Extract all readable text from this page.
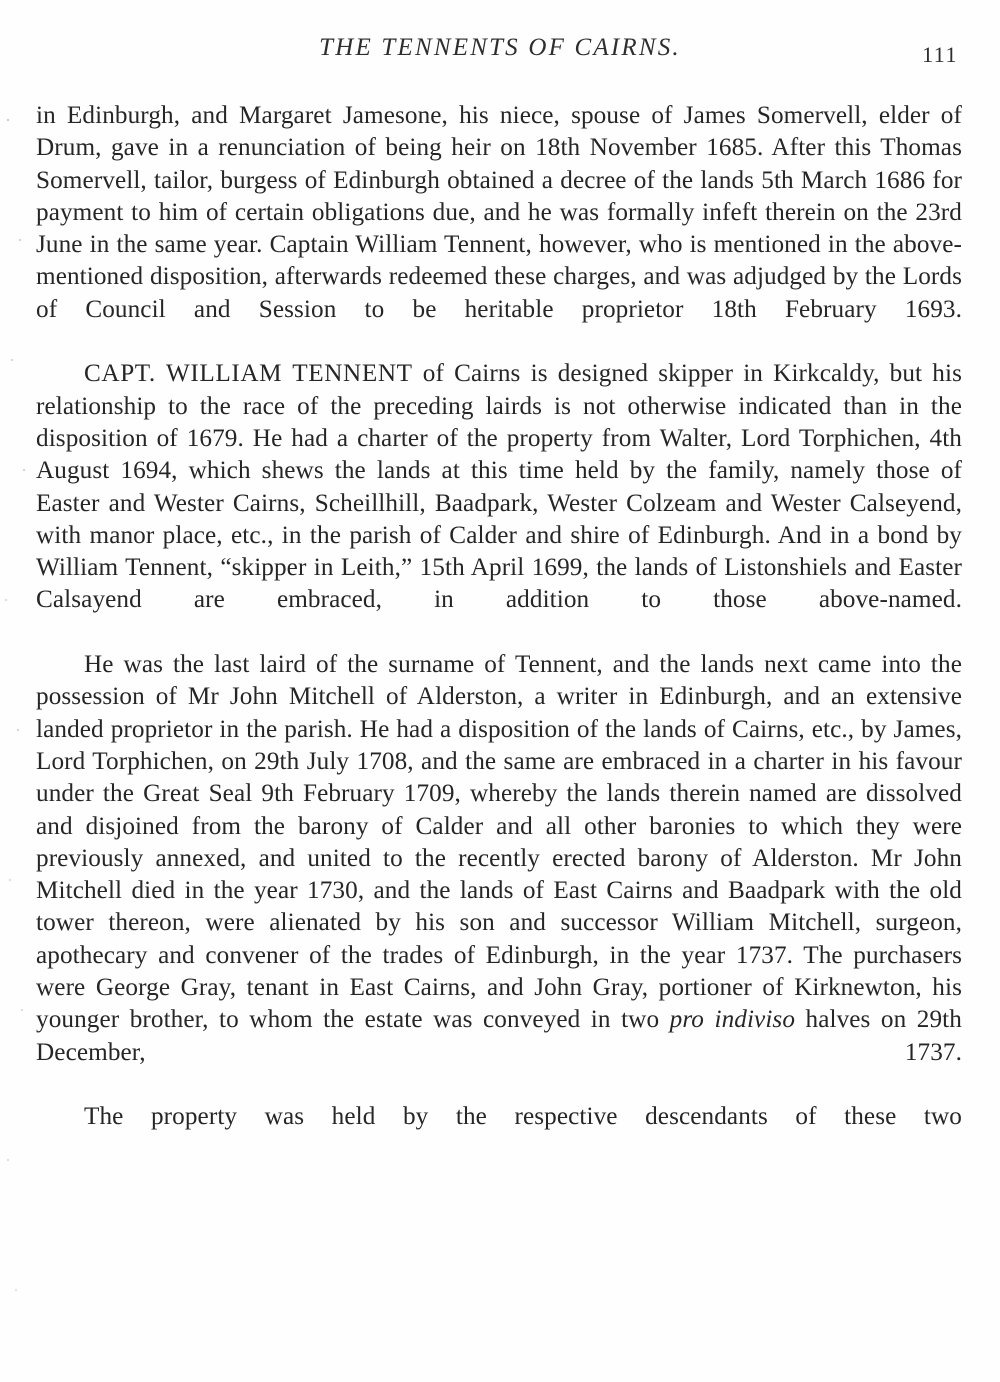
THE TENNENTS OF CAIRNS.	111

in Edinburgh, and Margaret Jamesone, his niece, spouse of James Somervell, elder of Drum, gave in a renunciation of being heir on 18th November 1685. After this Thomas Somervell, tailor, burgess of Edinburgh obtained a decree of the lands 5th March 1686 for payment to him of certain obligations due, and he was formally infeft therein on the 23rd June in the same year. Captain William Tennent, however, who is mentioned in the above-mentioned disposition, afterwards redeemed these charges, and was adjudged by the Lords of Council and Session to be heritable proprietor 18th February 1693.

CAPT. WILLIAM TENNENT of Cairns is designed skipper in Kirkcaldy, but his relationship to the race of the preceding lairds is not otherwise indicated than in the disposition of 1679. He had a charter of the property from Walter, Lord Torphichen, 4th August 1694, which shews the lands at this time held by the family, namely those of Easter and Wester Cairns, Scheillhill, Baadpark, Wester Colzeam and Wester Calseyend, with manor place, etc., in the parish of Calder and shire of Edinburgh. And in a bond by William Tennent, “skipper in Leith,” 15th April 1699, the lands of Listonshiels and Easter Calsayend are embraced, in addition to those above-named.

He was the last laird of the surname of Tennent, and the lands next came into the possession of Mr John Mitchell of Alderston, a writer in Edinburgh, and an extensive landed proprietor in the parish. He had a disposition of the lands of Cairns, etc., by James, Lord Torphichen, on 29th July 1708, and the same are embraced in a charter in his favour under the Great Seal 9th February 1709, whereby the lands therein named are dissolved and disjoined from the barony of Calder and all other baronies to which they were previously annexed, and united to the recently erected barony of Alderston. Mr John Mitchell died in the year 1730, and the lands of East Cairns and Baadpark with the old tower thereon, were alienated by his son and successor William Mitchell, surgeon, apothecary and convener of the trades of Edinburgh, in the year 1737. The purchasers were George Gray, tenant in East Cairns, and John Gray, portioner of Kirknewton, his younger brother, to whom the estate was conveyed in two pro indiviso halves on 29th December, 1737.

The property was held by the respective descendants of these two
